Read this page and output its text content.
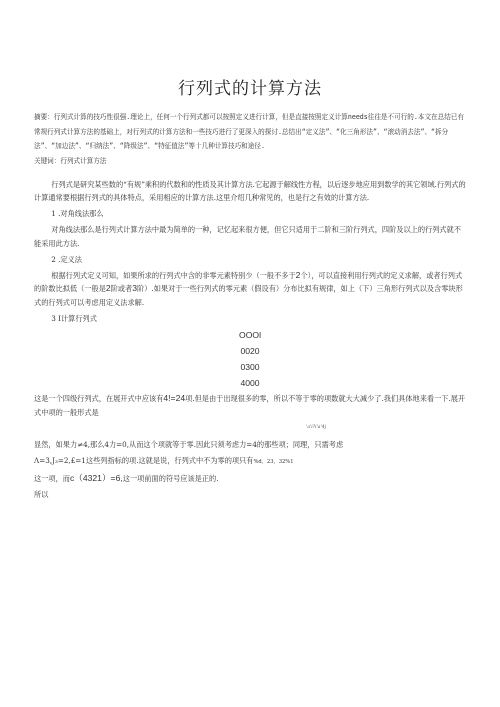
行列式的计算方法

摘要：行列式计算的技巧性很强.理论上，任何一个行列式都可以按照定义进行计算，但是直接按照定义计算needs往往是不可行的.本文在总结已有常规行列式计算方法的基础上，对行列式的计算方法和一些技巧进行了更深入的探讨.总结出“定义法”、“化三角形法”、“滚动消去法”、“拆分法”、“加边法”、“归纳法”、“降级法”、“特征值法”等十几种计算技巧和途径.

关键词：行列式计算方法

行列式是研究某些数的“有规”乘积的代数和的性质及其计算方法.它起源于解线性方程，以后逐步地应用到数学的其它领域.行列式的计算通常要根据行列式的具体特点，采用相应的计算方法.这里介绍几种常见的，也是行之有效的计算方法.

1 .对角线法那么

对角线法那么是行列式计算方法中最为简单的一种，记忆起来很方便，但它只适用于二阶和三阶行列式，四阶及以上的行列式就不能采用此方法.

2 .定义法

根据行列式定义可知，如果所求的行列式中含的非零元素特别少（一般不多于2个），可以直接利用行列式的定义求解，或者行列式的阶数比拟低（一般是2阶或者3阶）.如果对于一些行列式的零元素（假设有）分布比拟有规律，如上（下）三角形行列式以及含零块形式的行列式可以考虑用定义法求解.

3 I计算行列式
OOOl
0020
0300
4000

这是一个四级行列式，在展开式中应该有4!=24项.但是由于出现很多的零，所以不等于零的项数就大大减少了.我们具体地来看一下.展开式中项的一般形式是

'a'i?i'a'4j

显然，如果力≠4,那么4力=0,从而这个项就等于零.因此只须考虑力=4的那些项；同理，只需考虑

Λ=3,J₃=2,£=1这些列指标的项.这就是说，行列式中不为零的项只有%d，23，32%1

这一项，而c（4321）=6,这一项前面的符号应该是正的.

所以
